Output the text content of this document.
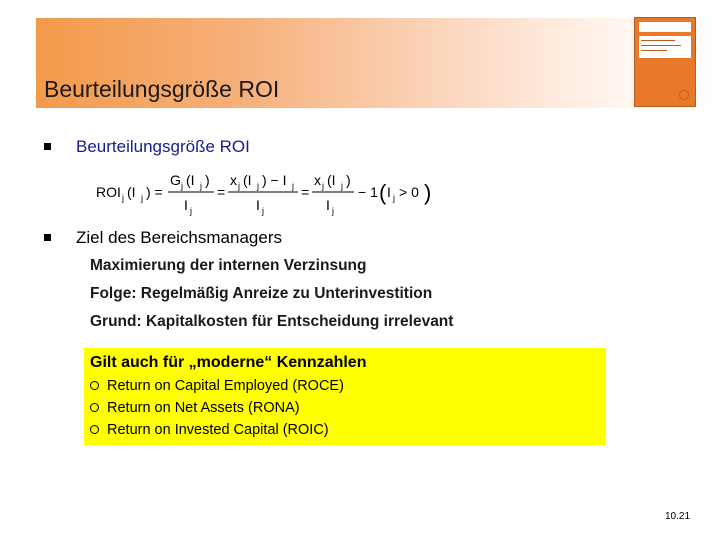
Beurteilungsgröße ROI
Beurteilungsgröße ROI
ROI j (I j ) =
G j (I j )
I j
=
x j (I j ) − I j
I j
=
x j (I j )
I j
− 1 ( I j > 0 )
Ziel des Bereichsmanagers
Maximierung der internen Verzinsung
Folge: Regelmäßig Anreize zu Unterinvestition
Grund: Kapitalkosten für Entscheidung irrelevant
Gilt auch für „moderne“ Kennzahlen
Return on Capital Employed (ROCE)
Return on Net Assets (RONA)
Return on Invested Capital (ROIC)
10.21
